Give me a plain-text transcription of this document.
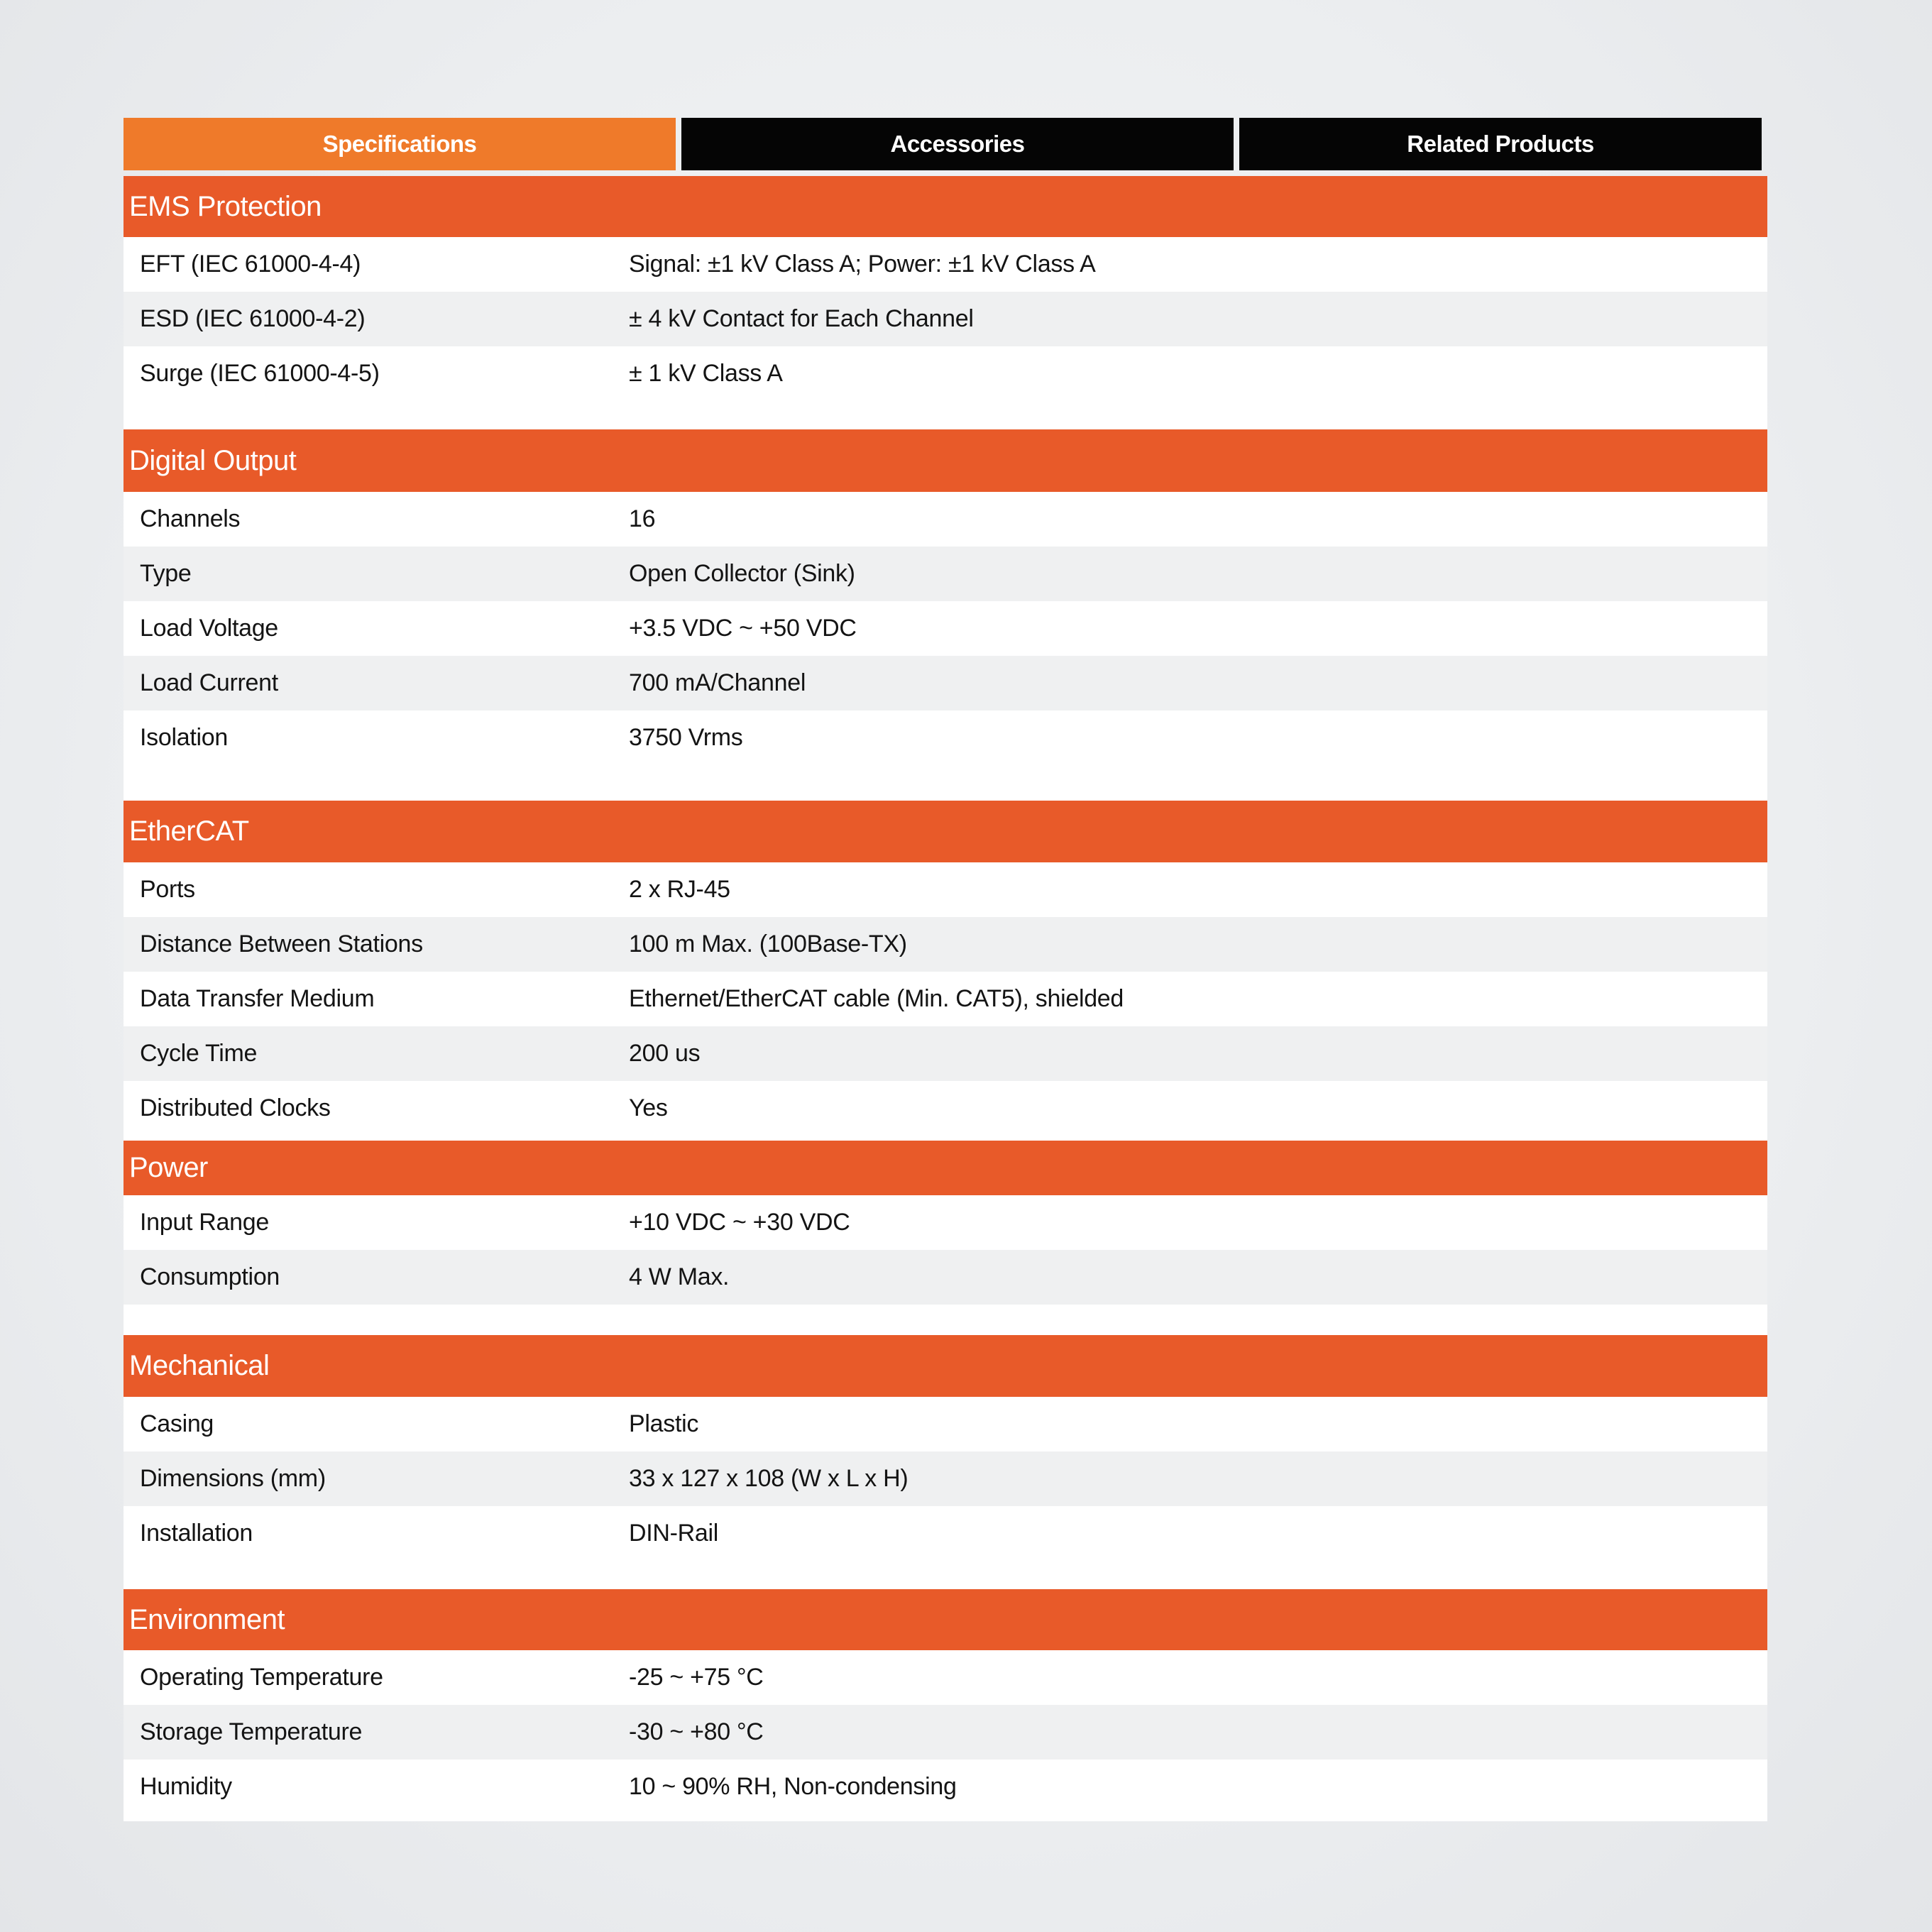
Specifications	Accessories	Related Products
EMS Protection
EFT (IEC 61000-4-4)	Signal: ±1 kV Class A; Power: ±1 kV Class A
ESD (IEC 61000-4-2)	± 4 kV Contact for Each Channel
Surge (IEC 61000-4-5)	± 1 kV Class A
Digital Output
Channels	16
Type	Open Collector (Sink)
Load Voltage	+3.5 VDC ~ +50 VDC
Load Current	700 mA/Channel
Isolation	3750 Vrms
EtherCAT
Ports	2 x RJ-45
Distance Between Stations	100 m Max. (100Base-TX)
Data Transfer Medium	Ethernet/EtherCAT cable (Min. CAT5), shielded
Cycle Time	200 us
Distributed Clocks	Yes
Power
Input Range	+10 VDC ~ +30 VDC
Consumption	4 W Max.
Mechanical
Casing	Plastic
Dimensions (mm)	33 x 127 x 108 (W x L x H)
Installation	DIN-Rail
Environment
Operating Temperature	-25 ~ +75 °C
Storage Temperature	-30 ~ +80 °C
Humidity	10 ~ 90% RH, Non-condensing
